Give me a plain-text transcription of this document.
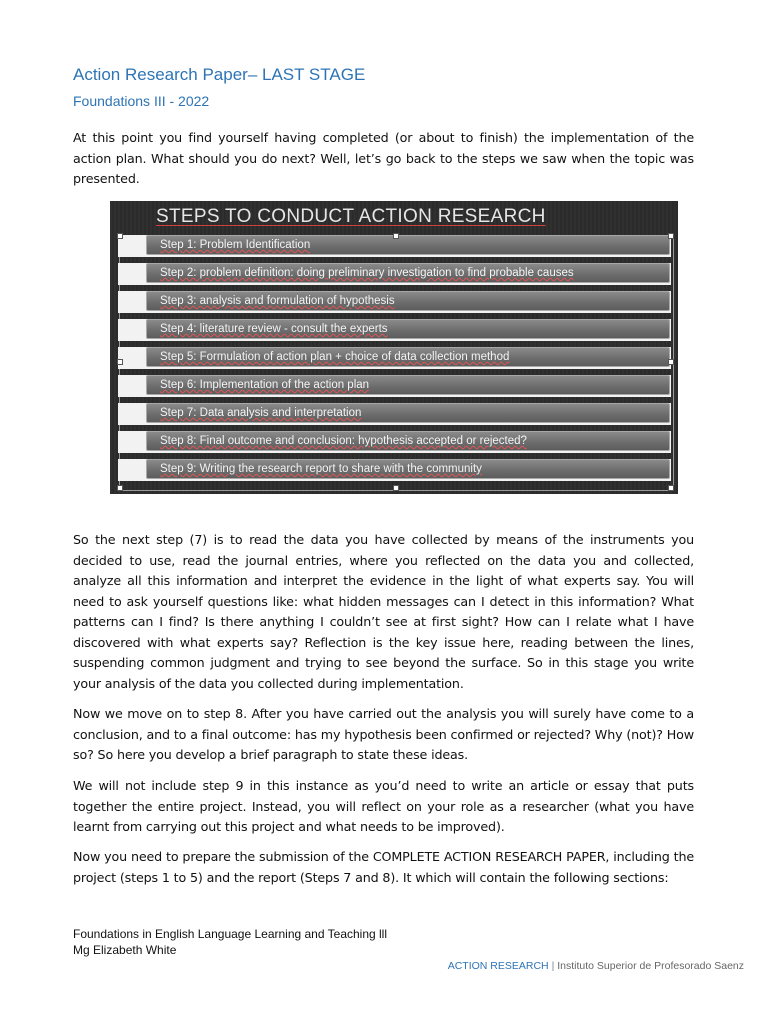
Action Research Paper– LAST STAGE
Foundations III - 2022

At this point you find yourself having completed (or about to finish) the implementation of the action plan. What should you do next? Well, let’s go back to the steps we saw when the topic was presented.

STEPS TO CONDUCT ACTION RESEARCH
Step 1: Problem Identification
Step 2: problem definition: doing preliminary investigation to find probable causes
Step 3: analysis and formulation of hypothesis
Step 4: literature review - consult the experts
Step 5: Formulation of action plan + choice of data collection method
Step 6: Implementation of the action plan
Step 7: Data analysis and interpretation
Step 8: Final outcome and conclusion: hypothesis accepted or rejected?
Step 9: Writing the research report to share with the community

So the next step (7) is to read the data you have collected by means of the instruments you decided to use, read the journal entries, where you reflected on the data you and collected, analyze all this information and interpret the evidence in the light of what experts say. You will need to ask yourself questions like: what hidden messages can I detect in this information? What patterns can I find? Is there anything I couldn’t see at first sight? How can I relate what I have discovered with what experts say? Reflection is the key issue here, reading between the lines, suspending common judgment and trying to see beyond the surface. So in this stage you write your analysis of the data you collected during implementation.

Now we move on to step 8. After you have carried out the analysis you will surely have come to a conclusion, and to a final outcome: has my hypothesis been confirmed or rejected? Why (not)? How so? So here you develop a brief paragraph to state these ideas.

We will not include step 9 in this instance as you’d need to write an article or essay that puts together the entire project. Instead, you will reflect on your role as a researcher (what you have learnt from carrying out this project and what needs to be improved).

Now you need to prepare the submission of the COMPLETE ACTION RESEARCH PAPER, including the project (steps 1 to 5) and the report (Steps 7 and 8). It which will contain the following sections:

Foundations in English Language Learning and Teaching lll

Mg Elizabeth White

ACTION RESEARCH | Instituto Superior de Profesorado Saenz
